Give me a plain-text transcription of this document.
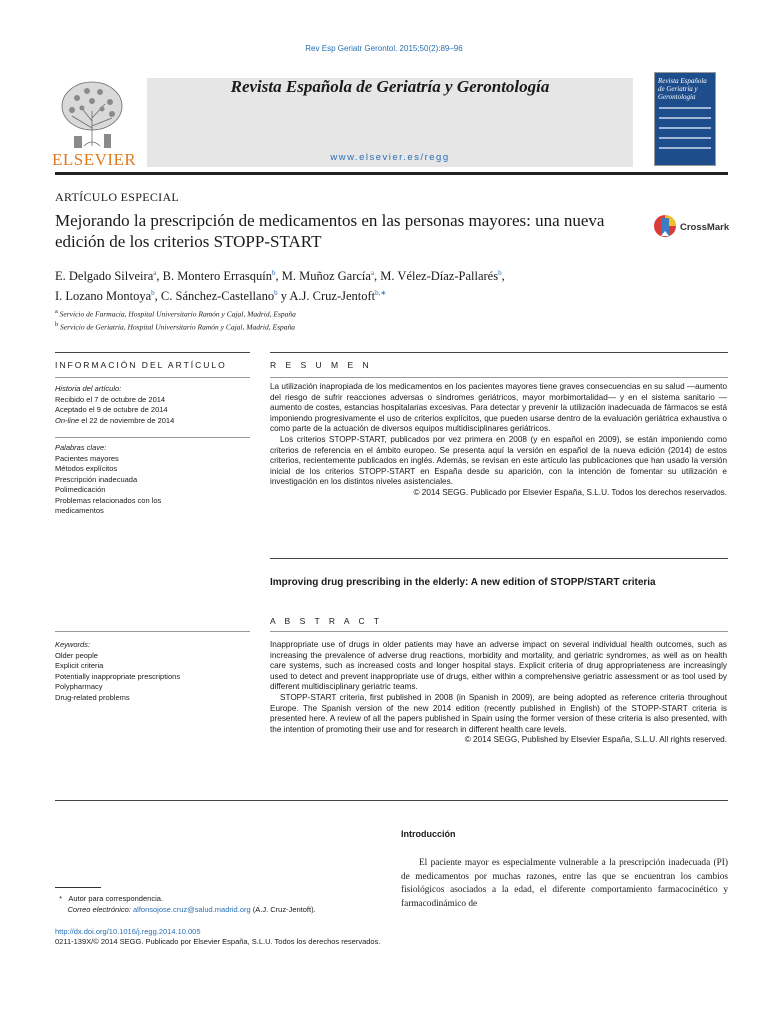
Rev Esp Geriatr Gerontol. 2015;50(2):89–96
ELSEVIER
Revista Española de Geriatría y Gerontología
www.elsevier.es/regg
Revista Española de Geriatría y Gerontología
ARTÍCULO ESPECIAL
Mejorando la prescripción de medicamentos en las personas mayores: una nueva edición de los criterios STOPP-START
CrossMark
E. Delgado Silveira$^a$, B. Montero Errasquín$^b$, M. Muñoz García$^a$, M. Vélez-Díaz-Pallarés$^b$,
I. Lozano Montoya$^b$, C. Sánchez-Castellano$^b$ y A.J. Cruz-Jentoft$^{b,∗}$
$^a$ Servicio de Farmacia, Hospital Universitario Ramón y Cajal, Madrid, España
$^b$ Servicio de Geriatría, Hospital Universitario Ramón y Cajal, Madrid, España
INFORMACIÓN DEL ARTÍCULO
Historia del artículo:
Recibido el 7 de octubre de 2014
Aceptado el 9 de octubre de 2014
On-line el 22 de noviembre de 2014
Palabras clave:
Pacientes mayores
Métodos explícitos
Prescripción inadecuada
Polimedicación
Problemas relacionados con los
medicamentos
R E S U M E N

La utilización inapropiada de los medicamentos en los pacientes mayores tiene graves consecuencias en su salud —aumento del riesgo de sufrir reacciones adversas o síndromes geriátricos, mayor morbimortalidad— y en el sistema sanitario —aumento de costes, estancias hospitalarias excesivas. Para detectar y prevenir la utilización inadecuada de fármacos se está imponiendo progresivamente el uso de criterios explícitos, que pueden usarse dentro de la evaluación geriátrica exhaustiva o como parte de la actuación de diversos equipos multidisciplinares geriátricos.

Los criterios STOPP-START, publicados por vez primera en 2008 (y en español en 2009), se están imponiendo como criterios de referencia en el ámbito europeo. Se presenta aquí la versión en español de la nueva edición (2014) de estos criterios, recientemente publicados en inglés. Además, se revisan en este artículo las publicaciones que han usado la versión inicial de los criterios STOPP-START en España desde su aparición, con la intención de fomentar su utilización e investigación en los distintos niveles asistenciales.

© 2014 SEGG. Publicado por Elsevier España, S.L.U. Todos los derechos reservados.

Improving drug prescribing in the elderly: A new edition of STOPP/START criteria
Keywords:
Older people
Explicit criteria
Potentially inappropriate prescriptions
Polypharmacy
Drug-related problems
A B S T R A C T

Inappropriate use of drugs in older patients may have an adverse impact on several individual health outcomes, such as increasing the prevalence of adverse drug reactions, morbidity and mortality, and geriatric syndromes, as well as on health care systems, such as increased costs and longer hospital stays. Explicit criteria of drug appropriateness are increasingly used to detect and prevent inappropriate use of drugs, either within a comprehensive geriatric assessment or as tool used by different multidisciplinary geriatric teams.

STOPP-START criteria, first published in 2008 (in Spanish in 2009), are being adopted as reference criteria throughout Europe. The Spanish version of the new 2014 edition (recently published in English) of the STOPP-START criteria is presented here. A review of all the papers published in Spain using the former version of these criteria is also presented, with the intention of promoting their use and for research in different health care levels.

© 2014 SEGG, Published by Elsevier España, S.L.U. All rights reserved.

Introducción

El paciente mayor es especialmente vulnerable a la prescripción inadecuada (PI) de medicamentos por muchas razones, entre las que se encuentran los cambios fisiológicos asociados a la edad, el diferente comportamiento farmacocinético y farmacodinámico de

*   Autor para correspondencia.
Correo electrónico: alfonsojose.cruz@salud.madrid.org (A.J. Cruz-Jentoft).
http://dx.doi.org/10.1016/j.regg.2014.10.005
0211-139X/© 2014 SEGG. Publicado por Elsevier España, S.L.U. Todos los derechos reservados.
